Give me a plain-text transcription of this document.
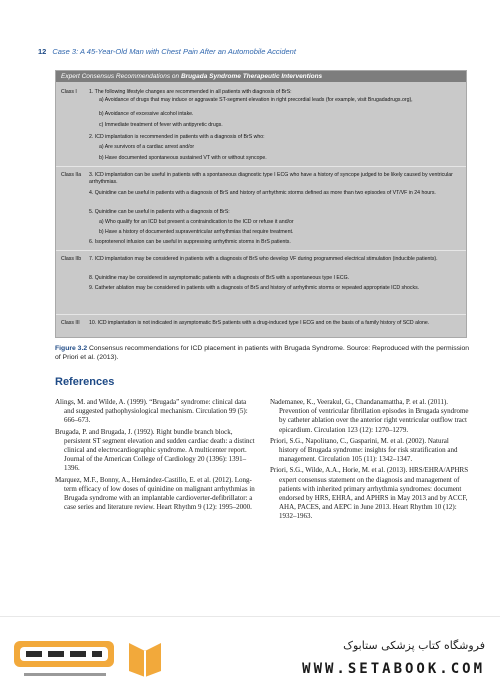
12 Case 3: A 45-Year-Old Man with Chest Pain After an Automobile Accident
Expert Consensus Recommendations on Brugada Syndrome Therapeutic Interventions
Class I 1. The following lifestyle changes are recommended in all patients with diagnosis of BrS:
a) Avoidance of drugs that may induce or aggravate ST-segment elevation in right precordial leads (for example, visit Brugadadrugs.org),
b) Avoidance of excessive alcohol intake.
c) Immediate treatment of fever with antipyretic drugs.
2. ICD implantation is recommended in patients with a diagnosis of BrS who:
a) Are survivors of a cardiac arrest and/or
b) Have documented spontaneous sustained VT with or without syncope.
Class IIa 3. ICD implantation can be useful in patients with a spontaneous diagnostic type I ECG who have a history of syncope judged to be likely caused by ventricular arrhythmias.
4. Quinidine can be useful in patients with a diagnosis of BrS and history of arrhythmic storms defined as more than two episodes of VT/VF in 24 hours.
5. Quinidine can be useful in patients with a diagnosis of BrS:
a) Who qualify for an ICD but present a contraindication to the ICD or refuse it and/or
b) Have a history of documented supraventricular arrhythmias that require treatment.
6. Isoproterenol infusion can be useful in suppressing arrhythmic storms in BrS patients.
Class IIb 7. ICD implantation may be considered in patients with a diagnosis of BrS who develop VF during programmed electrical stimulation (inducible patients).
8. Quinidine may be considered in asymptomatic patients with a diagnosis of BrS with a spontaneous type I ECG.
9. Catheter ablation may be considered in patients with a diagnosis of BrS and history of arrhythmic storms or repeated appropriate ICD shocks.
Class III 10. ICD implantation is not indicated in asymptomatic BrS patients with a drug-induced type I ECG and on the basis of a family history of SCD alone.
Figure 3.2 Consensus recommendations for ICD placement in patients with Brugada Syndrome. Source: Reproduced with the permission of Priori et al. (2013).
References

Alings, M. and Wilde, A. (1999). “Brugada” syndrome: clinical data and suggested pathophysiological mechanism. Circulation 99 (5): 666–673.

Brugada, P. and Brugada, J. (1992). Right bundle branch block, persistent ST segment elevation and sudden cardiac death: a distinct clinical and electrocardiographic syndrome. A multicenter report. Journal of the American College of Cardiology 20 (1396): 1391–1396.

Marquez, M.F., Bonny, A., Hernández-Castillo, E. et al. (2012). Long-term efficacy of low doses of quinidine on malignant arrhythmias in Brugada syndrome with an implantable cardioverter-defibrillator: a case series and literature review. Heart Rhythm 9 (12): 1995–2000.

Nademanee, K., Veerakul, G., Chandanamattha, P. et al. (2011). Prevention of ventricular fibrillation episodes in Brugada syndrome by catheter ablation over the anterior right ventricular outflow tract epicardium. Circulation 123 (12): 1270–1279.

Priori, S.G., Napolitano, C., Gasparini, M. et al. (2002). Natural history of Brugada syndrome: insights for risk stratification and management. Circulation 105 (11): 1342–1347.

Priori, S.G., Wilde, A.A., Horie, M. et al. (2013). HRS/EHRA/APHRS expert consensus statement on the diagnosis and management of patients with inherited primary arrhythmia syndromes: document endorsed by HRS, EHRA, and APHRS in May 2013 and by ACCF, AHA, PACES, and AEPC in June 2013. Heart Rhythm 10 (12): 1932–1963.

فروشگاه کتاب پزشکی ستابوک
WWW.SETABOOK.COM
